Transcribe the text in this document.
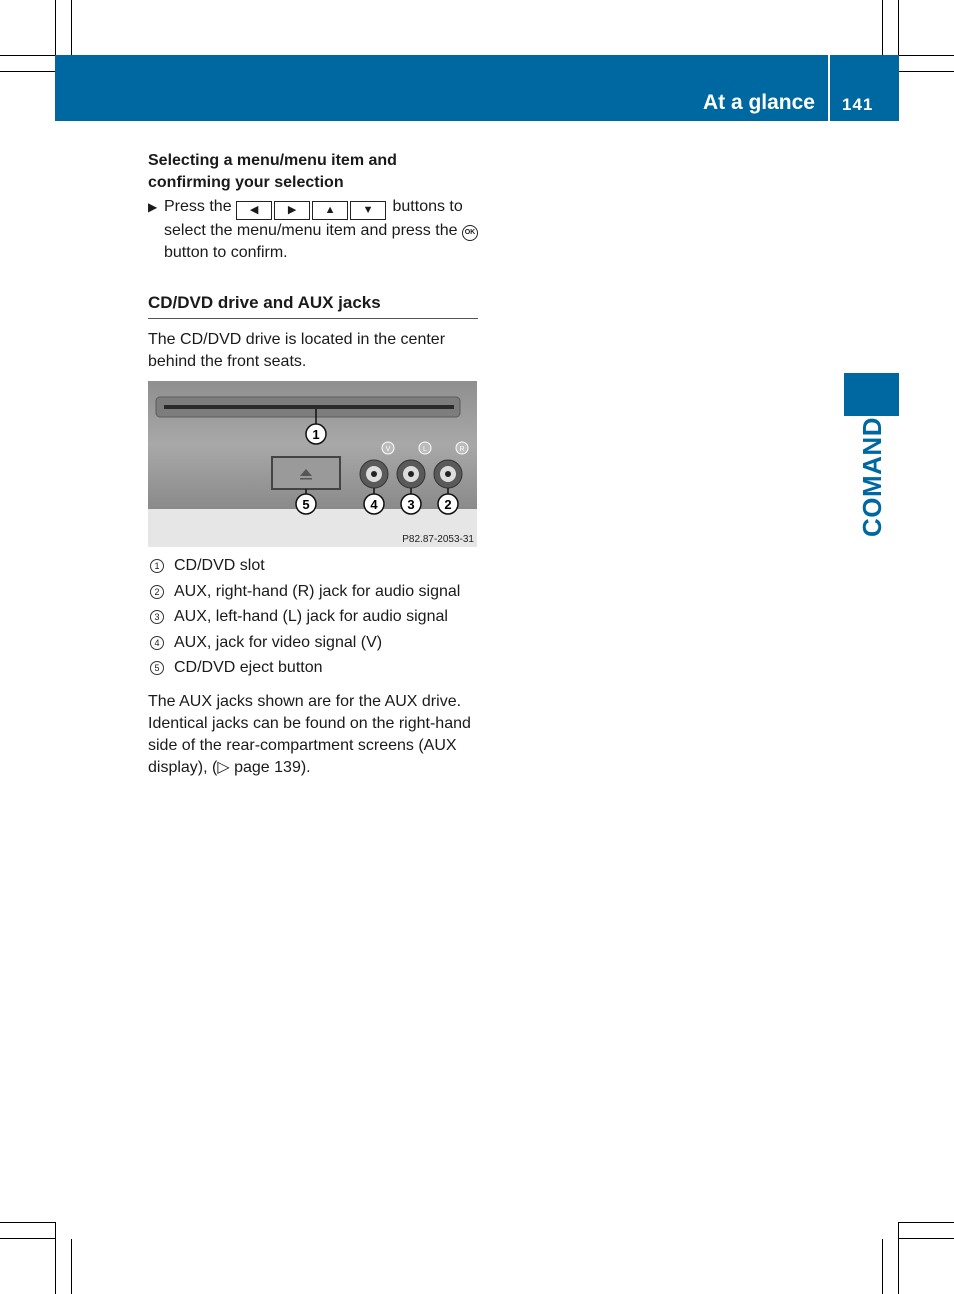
At a glance 141
COMAND

Selecting a menu/menu item and
confirming your selection

▶ Press the ◀	▶	▲ ▼ buttons to select the menu/menu item and press the OK button to confirm.
CD/DVD drive and AUX jacks
The CD/DVD drive is located in the center behind the front seats.
V	L	R
1
5	4 3 2
P82.87-2053-31
1 CD/DVD slot
2 AUX, right-hand (R) jack for audio signal
3 AUX, left-hand (L) jack for audio signal
4 AUX, jack for video signal (V)
5 CD/DVD eject button
The AUX jacks shown are for the AUX drive. Identical jacks can be found on the right-hand side of the rear-compartment screens (AUX display), (▷ page 139).
